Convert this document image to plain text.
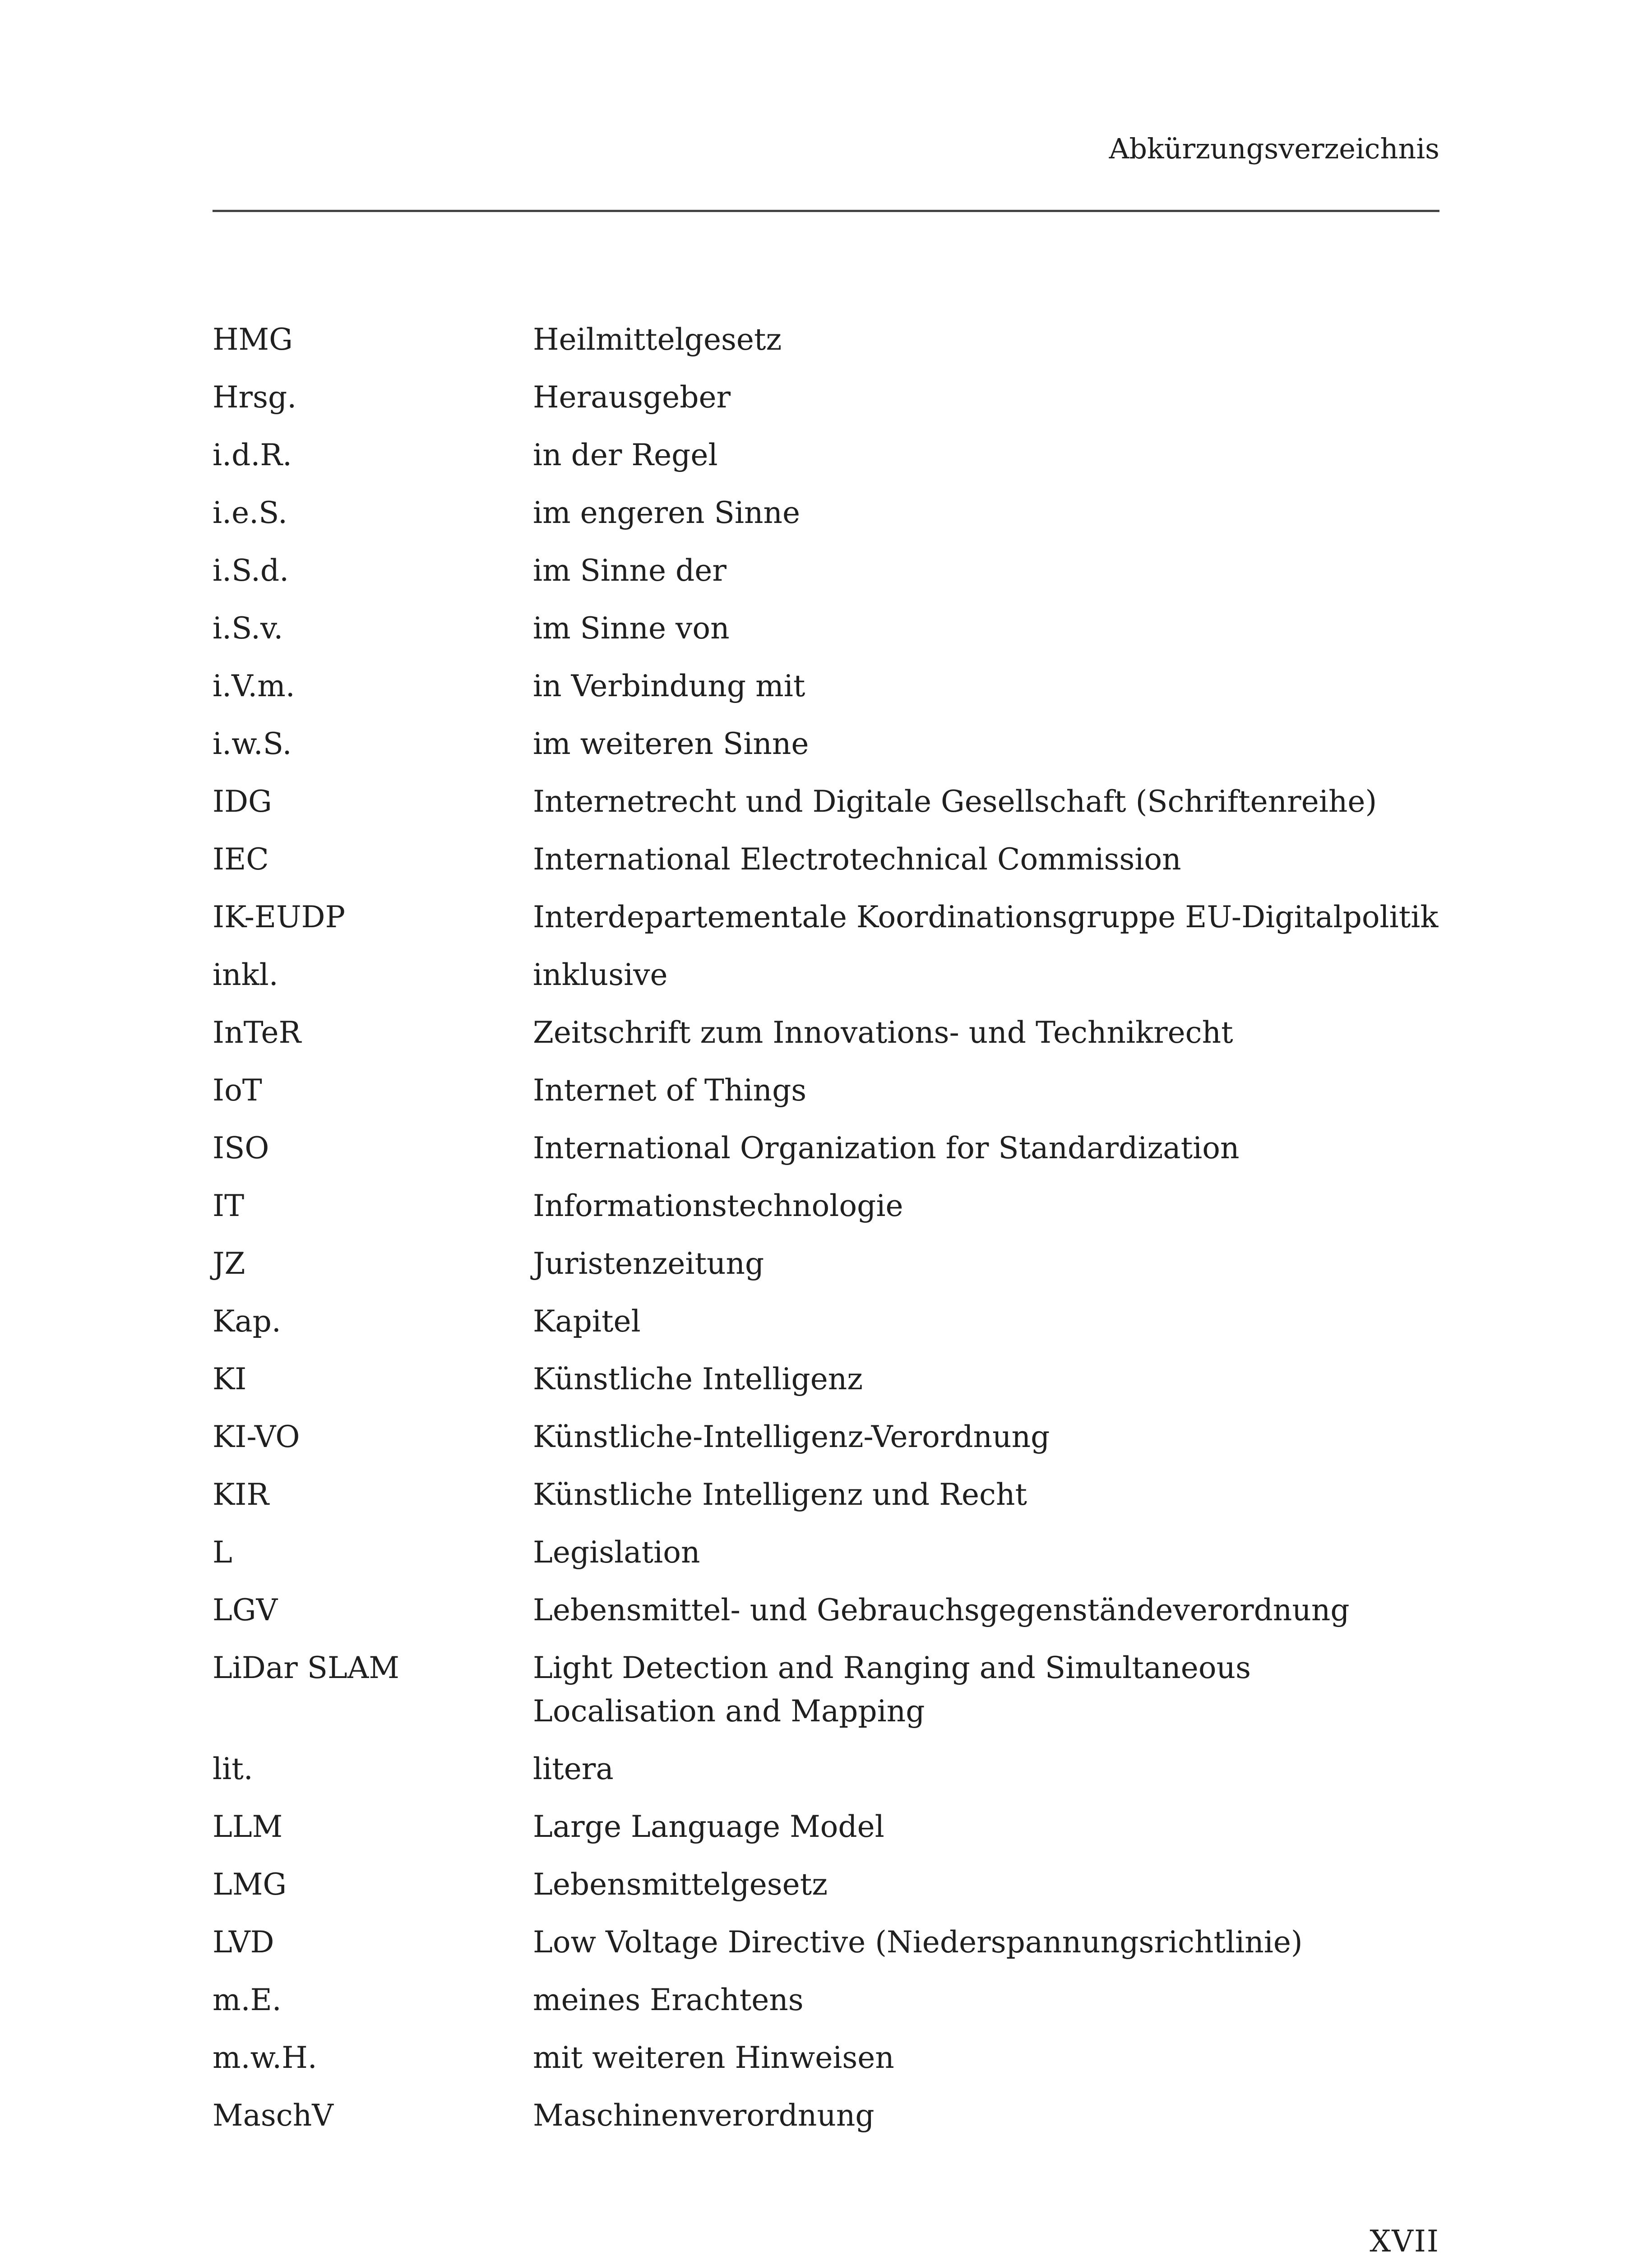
Abkürzungsverzeichnis
HMG	Heilmittelgesetz
Hrsg.	Herausgeber
i.d.R.	in der Regel
i.e.S.	im engeren Sinne
i.S.d.	im Sinne der
i.S.v.	im Sinne von
i.V.m.	in Verbindung mit
i.w.S.	im weiteren Sinne
IDG	Internetrecht und Digitale Gesellschaft (Schriftenreihe)
IEC	International Electrotechnical Commission
IK-EUDP	Interdepartementale Koordinationsgruppe EU-Digitalpolitik
inkl.	inklusive
InTeR	Zeitschrift zum Innovations- und Technikrecht
IoT	Internet of Things
ISO	International Organization for Standardization
IT	Informationstechnologie
JZ	Juristenzeitung
Kap.	Kapitel
KI	Künstliche Intelligenz
KI-VO	Künstliche-Intelligenz-Verordnung
KIR	Künstliche Intelligenz und Recht
L	Legislation
LGV	Lebensmittel- und Gebrauchsgegenständeverordnung
LiDar SLAM	Light Detection and Ranging and Simultaneous Localisation and Mapping
lit.	litera
LLM	Large Language Model
LMG	Lebensmittelgesetz
LVD	Low Voltage Directive (Niederspannungsrichtlinie)
m.E.	meines Erachtens
m.w.H.	mit weiteren Hinweisen
MaschV	Maschinenverordnung
XVII
